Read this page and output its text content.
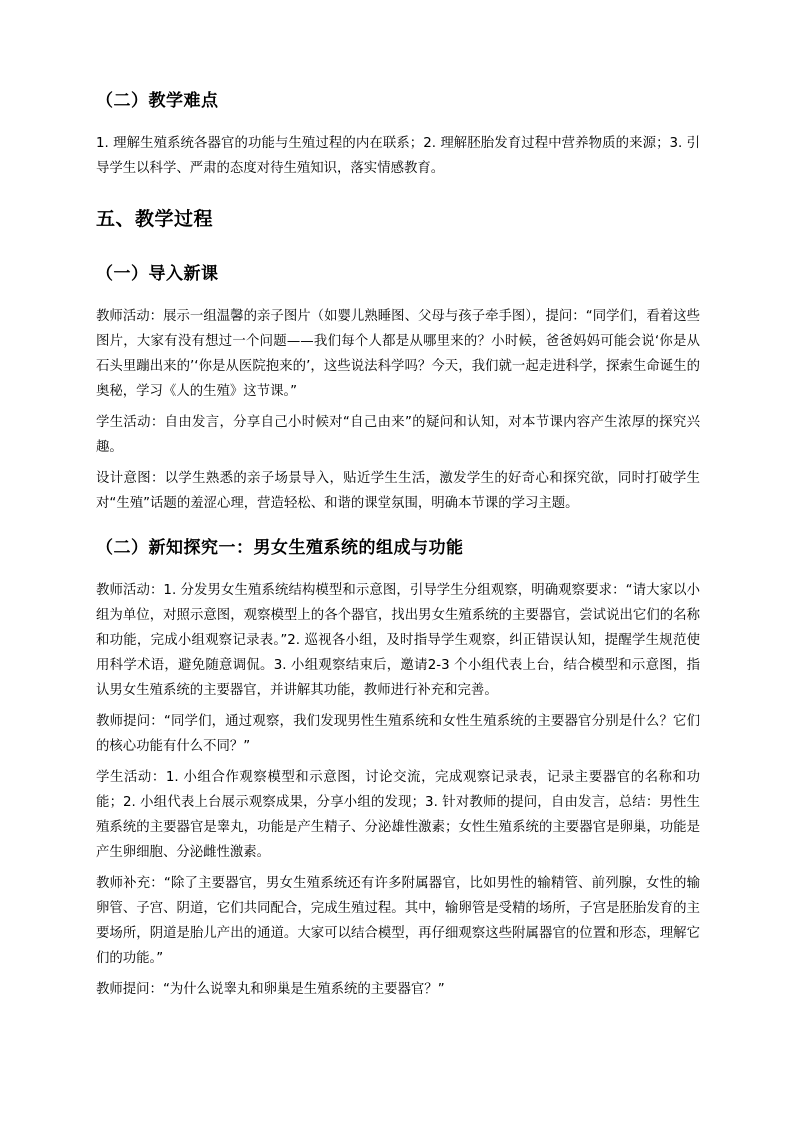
（二）教学难点

1. 理解生殖系统各器官的功能与生殖过程的内在联系；2. 理解胚胎发育过程中营养物质的来源；3. 引导学生以科学、严肃的态度对待生殖知识，落实情感教育。

五、教学过程
（一）导入新课

教师活动：展示一组温馨的亲子图片（如婴儿熟睡图、父母与孩子牵手图），提问：“同学们，看着这些图片，大家有没有想过一个问题——我们每个人都是从哪里来的？小时候，爸爸妈妈可能会说‘你是从石头里蹦出来的’‘你是从医院抱来的’，这些说法科学吗？今天，我们就一起走进科学，探索生命诞生的奥秘，学习《人的生殖》这节课。”

学生活动：自由发言，分享自己小时候对“自己由来”的疑问和认知，对本节课内容产生浓厚的探究兴趣。

设计意图：以学生熟悉的亲子场景导入，贴近学生生活，激发学生的好奇心和探究欲，同时打破学生对“生殖”话题的羞涩心理，营造轻松、和谐的课堂氛围，明确本节课的学习主题。

（二）新知探究一：男女生殖系统的组成与功能

教师活动：1. 分发男女生殖系统结构模型和示意图，引导学生分组观察，明确观察要求：“请大家以小组为单位，对照示意图，观察模型上的各个器官，找出男女生殖系统的主要器官，尝试说出它们的名称和功能，完成小组观察记录表。”2. 巡视各小组，及时指导学生观察，纠正错误认知，提醒学生规范使用科学术语，避免随意调侃。3. 小组观察结束后，邀请2-3 个小组代表上台，结合模型和示意图，指认男女生殖系统的主要器官，并讲解其功能，教师进行补充和完善。

教师提问：“同学们，通过观察，我们发现男性生殖系统和女性生殖系统的主要器官分别是什么？它们的核心功能有什么不同？”

学生活动：1. 小组合作观察模型和示意图，讨论交流，完成观察记录表，记录主要器官的名称和功能；2. 小组代表上台展示观察成果，分享小组的发现；3. 针对教师的提问，自由发言，总结：男性生殖系统的主要器官是睾丸，功能是产生精子、分泌雄性激素；女性生殖系统的主要器官是卵巢，功能是产生卵细胞、分泌雌性激素。

教师补充：“除了主要器官，男女生殖系统还有许多附属器官，比如男性的输精管、前列腺，女性的输卵管、子宫、阴道，它们共同配合，完成生殖过程。其中，输卵管是受精的场所，子宫是胚胎发育的主要场所，阴道是胎儿产出的通道。大家可以结合模型，再仔细观察这些附属器官的位置和形态，理解它们的功能。”

教师提问：“为什么说睾丸和卵巢是生殖系统的主要器官？”
